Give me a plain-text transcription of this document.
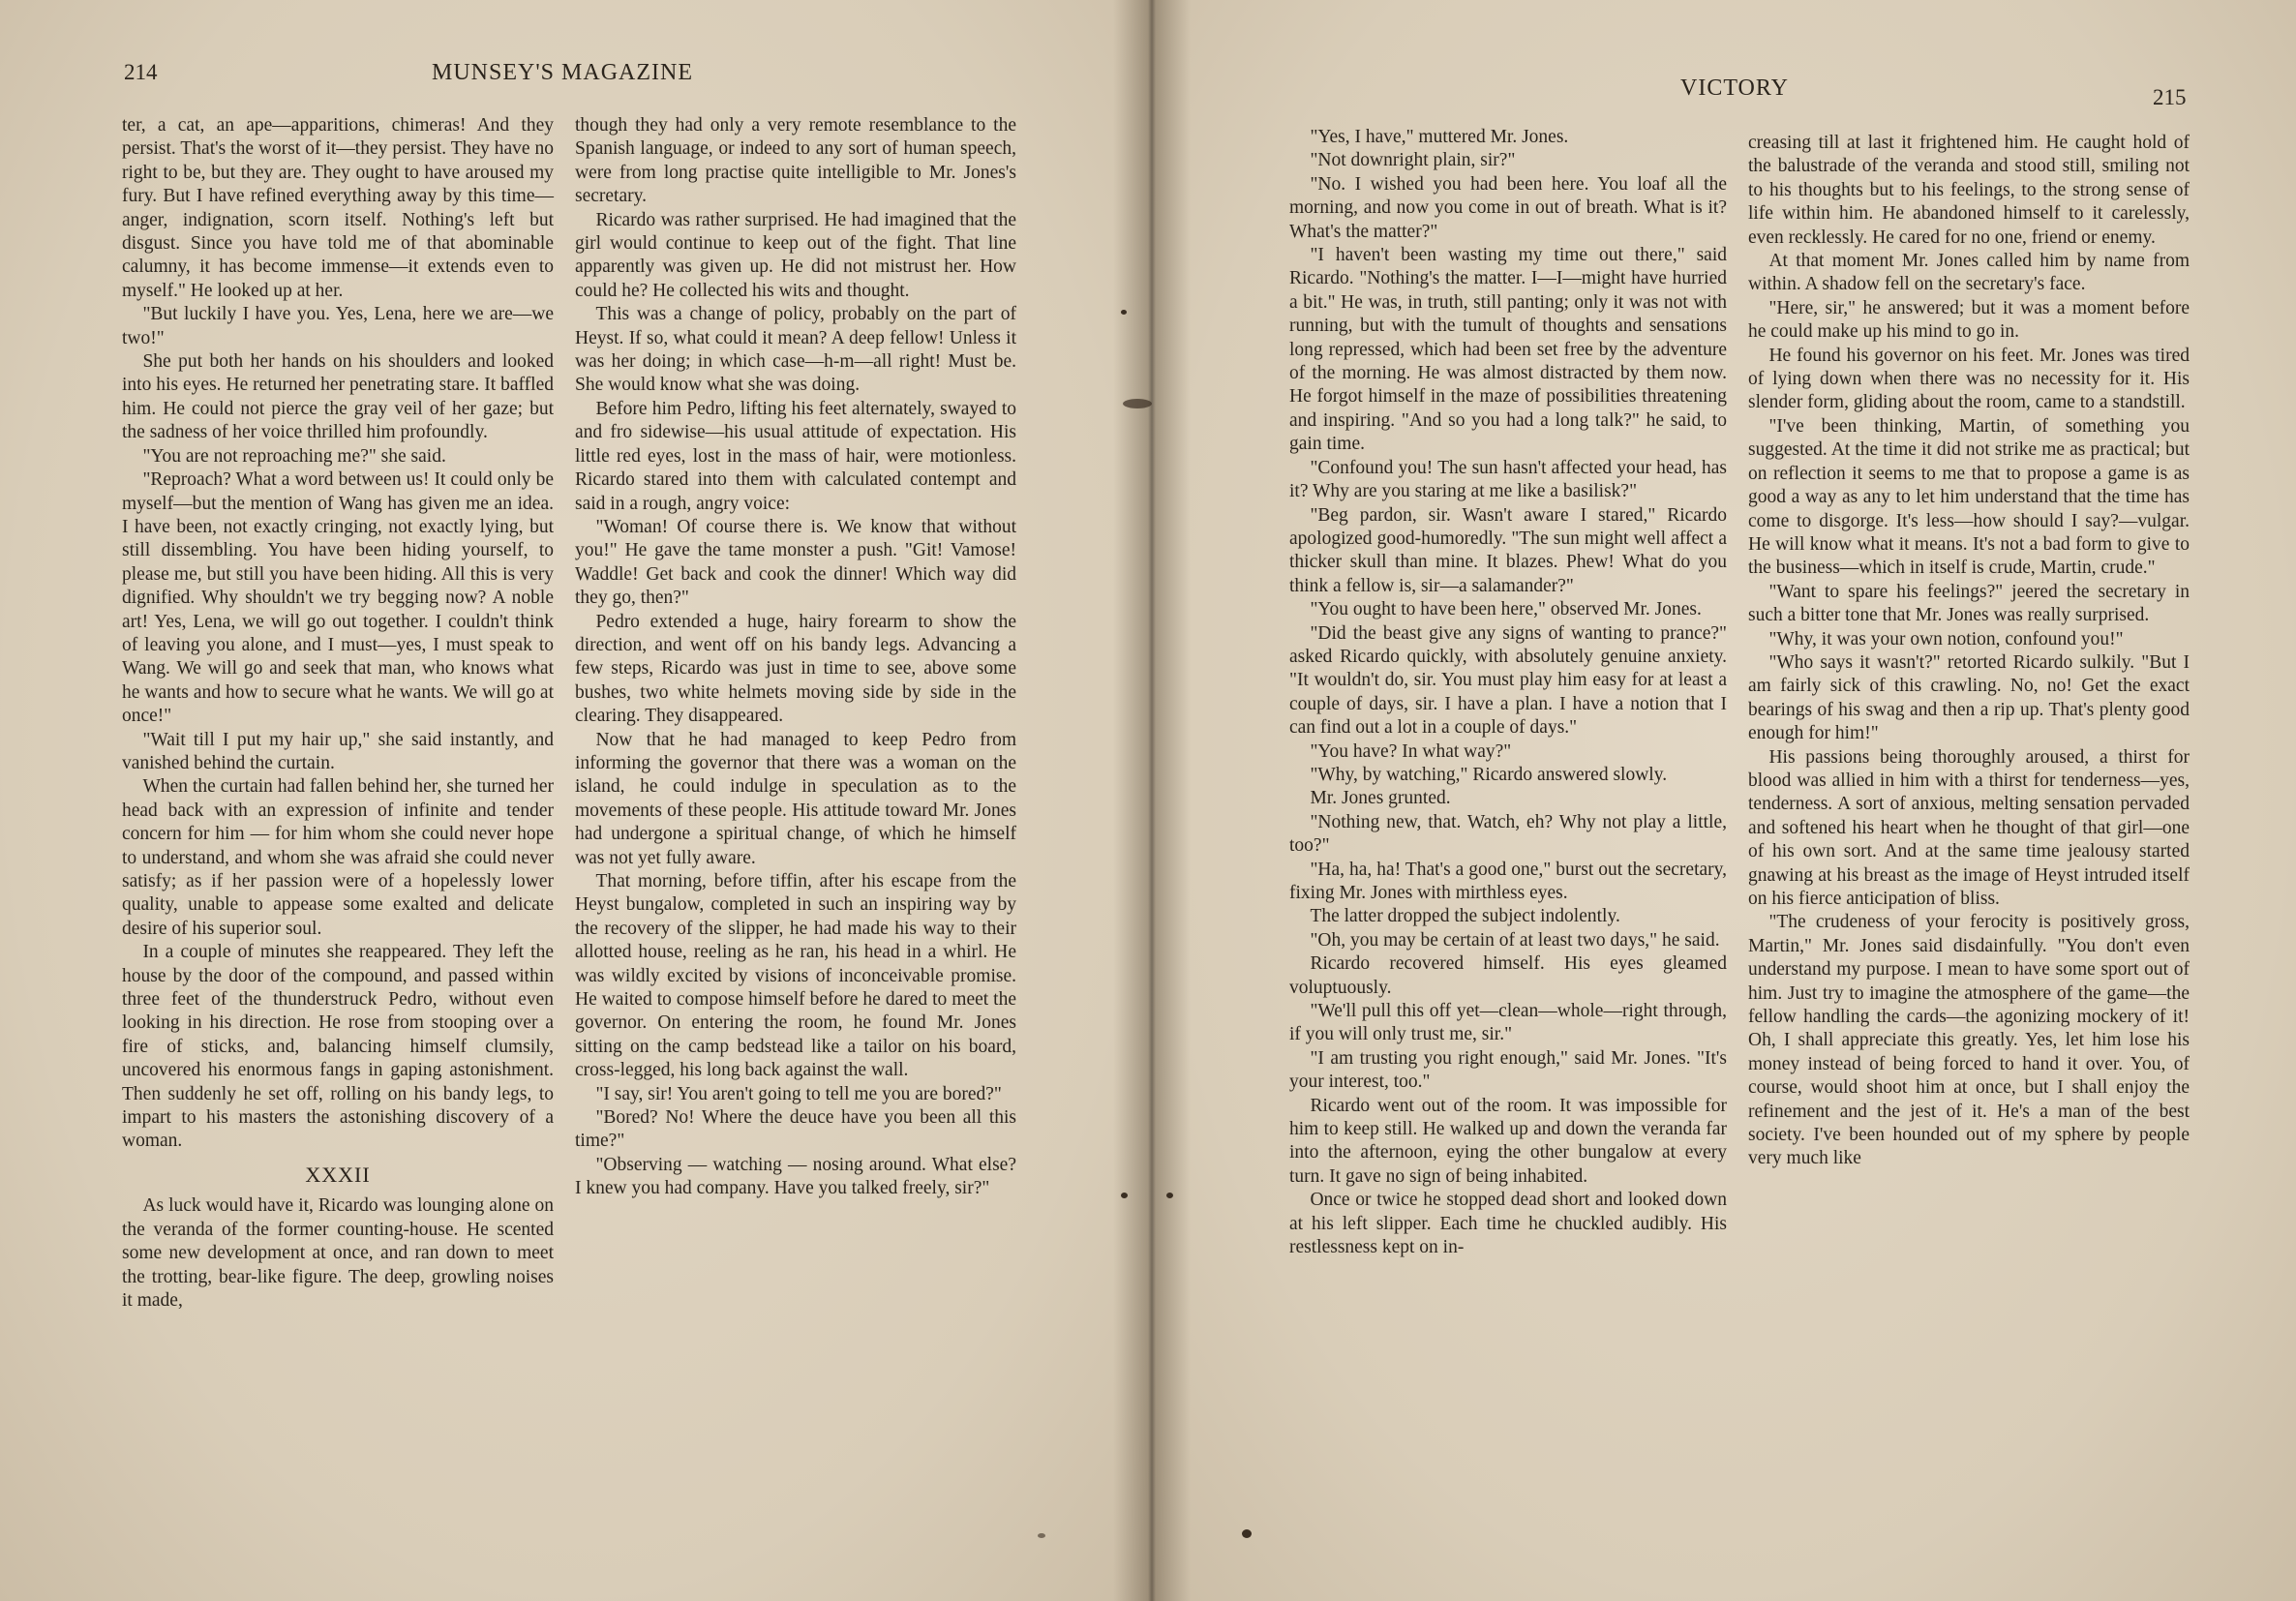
214	MUNSEY'S MAGAZINE

ter, a cat, an ape—apparitions, chimeras! And they persist. That's the worst of it—they persist. They have no right to be, but they are. They ought to have aroused my fury. But I have refined everything away by this time—anger, indignation, scorn itself. Nothing's left but disgust. Since you have told me of that abominable calumny, it has become immense—it extends even to myself." He looked up at her.

"But luckily I have you. Yes, Lena, here we are—we two!"

She put both her hands on his shoulders and looked into his eyes. He returned her penetrating stare. It baffled him. He could not pierce the gray veil of her gaze; but the sadness of her voice thrilled him profoundly.

"You are not reproaching me?" she said.

"Reproach? What a word between us! It could only be myself—but the mention of Wang has given me an idea. I have been, not exactly cringing, not exactly lying, but still dissembling. You have been hiding yourself, to please me, but still you have been hiding. All this is very dignified. Why shouldn't we try begging now? A noble art! Yes, Lena, we will go out together. I couldn't think of leaving you alone, and I must—yes, I must speak to Wang. We will go and seek that man, who knows what he wants and how to secure what he wants. We will go at once!"

"Wait till I put my hair up," she said instantly, and vanished behind the curtain.

When the curtain had fallen behind her, she turned her head back with an expression of infinite and tender concern for him — for him whom she could never hope to understand, and whom she was afraid she could never satisfy; as if her passion were of a hopelessly lower quality, unable to appease some exalted and delicate desire of his superior soul.

In a couple of minutes she reappeared. They left the house by the door of the compound, and passed within three feet of the thunderstruck Pedro, without even looking in his direction. He rose from stooping over a fire of sticks, and, balancing himself clumsily, uncovered his enormous fangs in gaping astonishment. Then suddenly he set off, rolling on his bandy legs, to impart to his masters the astonishing discovery of a woman.

XXXII

As luck would have it, Ricardo was lounging alone on the veranda of the former counting-house. He scented some new development at once, and ran down to meet the trotting, bear-like figure. The deep, growling noises it made,

though they had only a very remote resemblance to the Spanish language, or indeed to any sort of human speech, were from long practise quite intelligible to Mr. Jones's secretary.

Ricardo was rather surprised. He had imagined that the girl would continue to keep out of the fight. That line apparently was given up. He did not mistrust her. How could he? He collected his wits and thought.

This was a change of policy, probably on the part of Heyst. If so, what could it mean? A deep fellow! Unless it was her doing; in which case—h-m—all right! Must be. She would know what she was doing.

Before him Pedro, lifting his feet alternately, swayed to and fro sidewise—his usual attitude of expectation. His little red eyes, lost in the mass of hair, were motionless. Ricardo stared into them with calculated contempt and said in a rough, angry voice:

"Woman! Of course there is. We know that without you!" He gave the tame monster a push. "Git! Vamose! Waddle! Get back and cook the dinner! Which way did they go, then?"

Pedro extended a huge, hairy forearm to show the direction, and went off on his bandy legs. Advancing a few steps, Ricardo was just in time to see, above some bushes, two white helmets moving side by side in the clearing. They disappeared.

Now that he had managed to keep Pedro from informing the governor that there was a woman on the island, he could indulge in speculation as to the movements of these people. His attitude toward Mr. Jones had undergone a spiritual change, of which he himself was not yet fully aware.

That morning, before tiffin, after his escape from the Heyst bungalow, completed in such an inspiring way by the recovery of the slipper, he had made his way to their allotted house, reeling as he ran, his head in a whirl. He was wildly excited by visions of inconceivable promise. He waited to compose himself before he dared to meet the governor. On entering the room, he found Mr. Jones sitting on the camp bedstead like a tailor on his board, cross-legged, his long back against the wall.

"I say, sir! You aren't going to tell me you are bored?"

"Bored? No! Where the deuce have you been all this time?"

"Observing — watching — nosing around. What else? I knew you had company. Have you talked freely, sir?"

VICTORY	215

"Yes, I have," muttered Mr. Jones.

"Not downright plain, sir?"

"No. I wished you had been here. You loaf all the morning, and now you come in out of breath. What is it? What's the matter?"

"I haven't been wasting my time out there," said Ricardo. "Nothing's the matter. I—I—might have hurried a bit." He was, in truth, still panting; only it was not with running, but with the tumult of thoughts and sensations long repressed, which had been set free by the adventure of the morning. He was almost distracted by them now. He forgot himself in the maze of possibilities threatening and inspiring. "And so you had a long talk?" he said, to gain time.

"Confound you! The sun hasn't affected your head, has it? Why are you staring at me like a basilisk?"

"Beg pardon, sir. Wasn't aware I stared," Ricardo apologized good-humoredly. "The sun might well affect a thicker skull than mine. It blazes. Phew! What do you think a fellow is, sir—a salamander?"

"You ought to have been here," observed Mr. Jones.

"Did the beast give any signs of wanting to prance?" asked Ricardo quickly, with absolutely genuine anxiety. "It wouldn't do, sir. You must play him easy for at least a couple of days, sir. I have a plan. I have a notion that I can find out a lot in a couple of days."

"You have? In what way?"

"Why, by watching," Ricardo answered slowly.

Mr. Jones grunted.

"Nothing new, that. Watch, eh? Why not play a little, too?"

"Ha, ha, ha! That's a good one," burst out the secretary, fixing Mr. Jones with mirthless eyes.

The latter dropped the subject indolently.

"Oh, you may be certain of at least two days," he said.

Ricardo recovered himself. His eyes gleamed voluptuously.

"We'll pull this off yet—clean—whole—right through, if you will only trust me, sir."

"I am trusting you right enough," said Mr. Jones. "It's your interest, too."

Ricardo went out of the room. It was impossible for him to keep still. He walked up and down the veranda far into the afternoon, eying the other bungalow at every turn. It gave no sign of being inhabited.

Once or twice he stopped dead short and looked down at his left slipper. Each time he chuckled audibly. His restlessness kept on in-

creasing till at last it frightened him. He caught hold of the balustrade of the veranda and stood still, smiling not to his thoughts but to his feelings, to the strong sense of life within him. He abandoned himself to it carelessly, even recklessly. He cared for no one, friend or enemy.

At that moment Mr. Jones called him by name from within. A shadow fell on the secretary's face.

"Here, sir," he answered; but it was a moment before he could make up his mind to go in.

He found his governor on his feet. Mr. Jones was tired of lying down when there was no necessity for it. His slender form, gliding about the room, came to a standstill.

"I've been thinking, Martin, of something you suggested. At the time it did not strike me as practical; but on reflection it seems to me that to propose a game is as good a way as any to let him understand that the time has come to disgorge. It's less—how should I say?—vulgar. He will know what it means. It's not a bad form to give to the business—which in itself is crude, Martin, crude."

"Want to spare his feelings?" jeered the secretary in such a bitter tone that Mr. Jones was really surprised.

"Why, it was your own notion, confound you!"

"Who says it wasn't?" retorted Ricardo sulkily. "But I am fairly sick of this crawling. No, no! Get the exact bearings of his swag and then a rip up. That's plenty good enough for him!"

His passions being thoroughly aroused, a thirst for blood was allied in him with a thirst for tenderness—yes, tenderness. A sort of anxious, melting sensation pervaded and softened his heart when he thought of that girl—one of his own sort. And at the same time jealousy started gnawing at his breast as the image of Heyst intruded itself on his fierce anticipation of bliss.

"The crudeness of your ferocity is positively gross, Martin," Mr. Jones said disdainfully. "You don't even understand my purpose. I mean to have some sport out of him. Just try to imagine the atmosphere of the game—the fellow handling the cards—the agonizing mockery of it! Oh, I shall appreciate this greatly. Yes, let him lose his money instead of being forced to hand it over. You, of course, would shoot him at once, but I shall enjoy the refinement and the jest of it. He's a man of the best society. I've been hounded out of my sphere by people very much like
